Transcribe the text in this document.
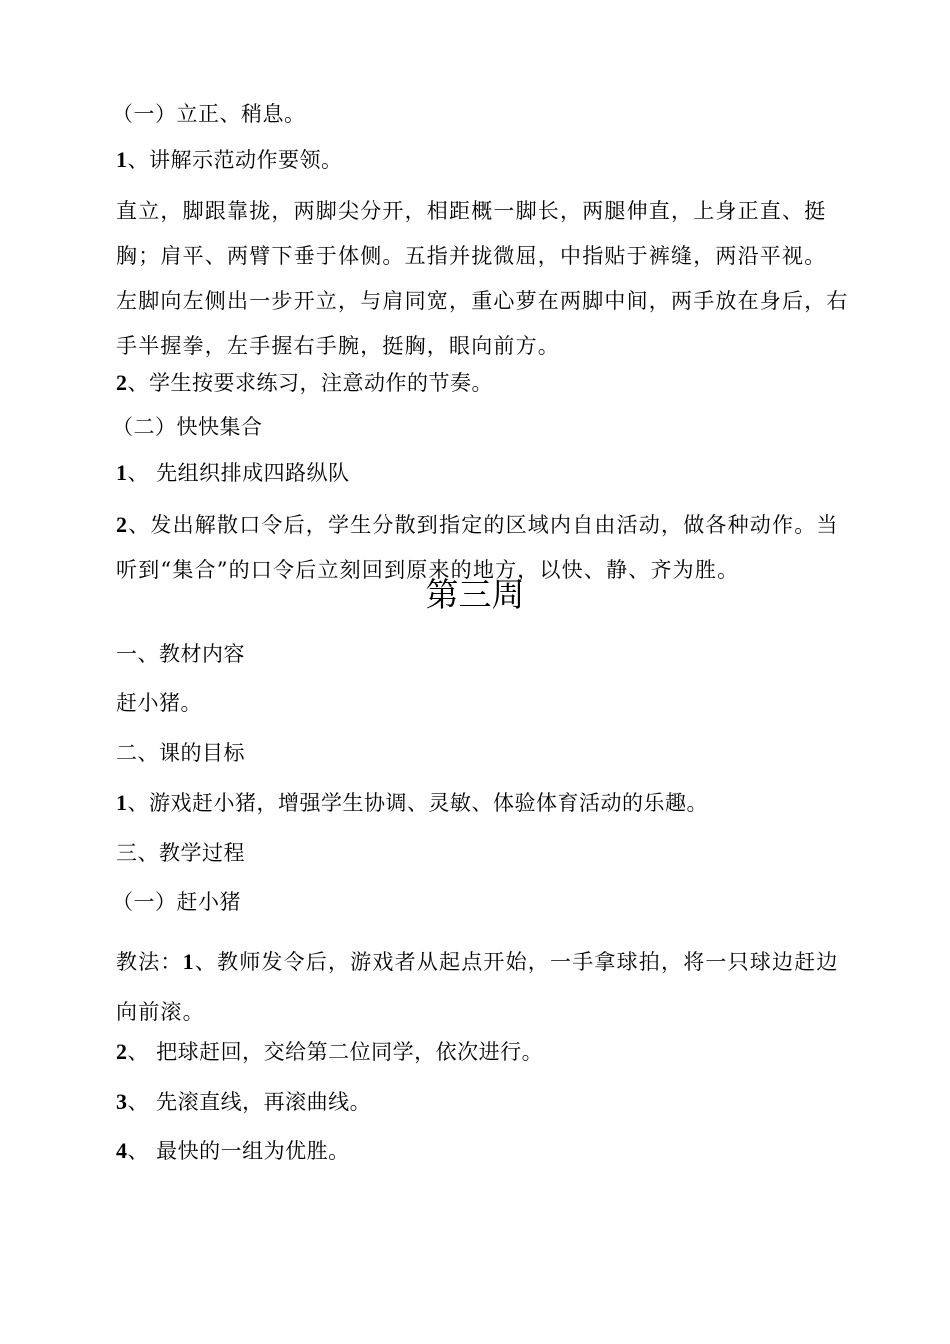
（一）立正、稍息。
1、讲解示范动作要领。
直立，脚跟靠拢，两脚尖分开，相距概一脚长，两腿伸直，上身正直、挺胸；肩平、两臂下垂于体侧。五指并拢微屈，中指贴于裤缝，两沿平视。
左脚向左侧出一步开立，与肩同宽，重心萝在两脚中间，两手放在身后，右手半握拳，左手握右手腕，挺胸，眼向前方。
2、学生按要求练习，注意动作的节奏。
（二）快快集合
1、 先组织排成四路纵队
2、发出解散口令后，学生分散到指定的区域内自由活动，做各种动作。当听到“集合”的口令后立刻回到原来的地方，以快、静、齐为胜。
第三周
一、教材内容
赶小猪。
二、课的目标
1、游戏赶小猪，增强学生协调、灵敏、体验体育活动的乐趣。
三、教学过程
（一）赶小猪
教法：1、教师发令后，游戏者从起点开始，一手拿球拍，将一只球边赶边向前滚。
2、 把球赶回，交给第二位同学，依次进行。
3、 先滚直线，再滚曲线。
4、 最快的一组为优胜。
